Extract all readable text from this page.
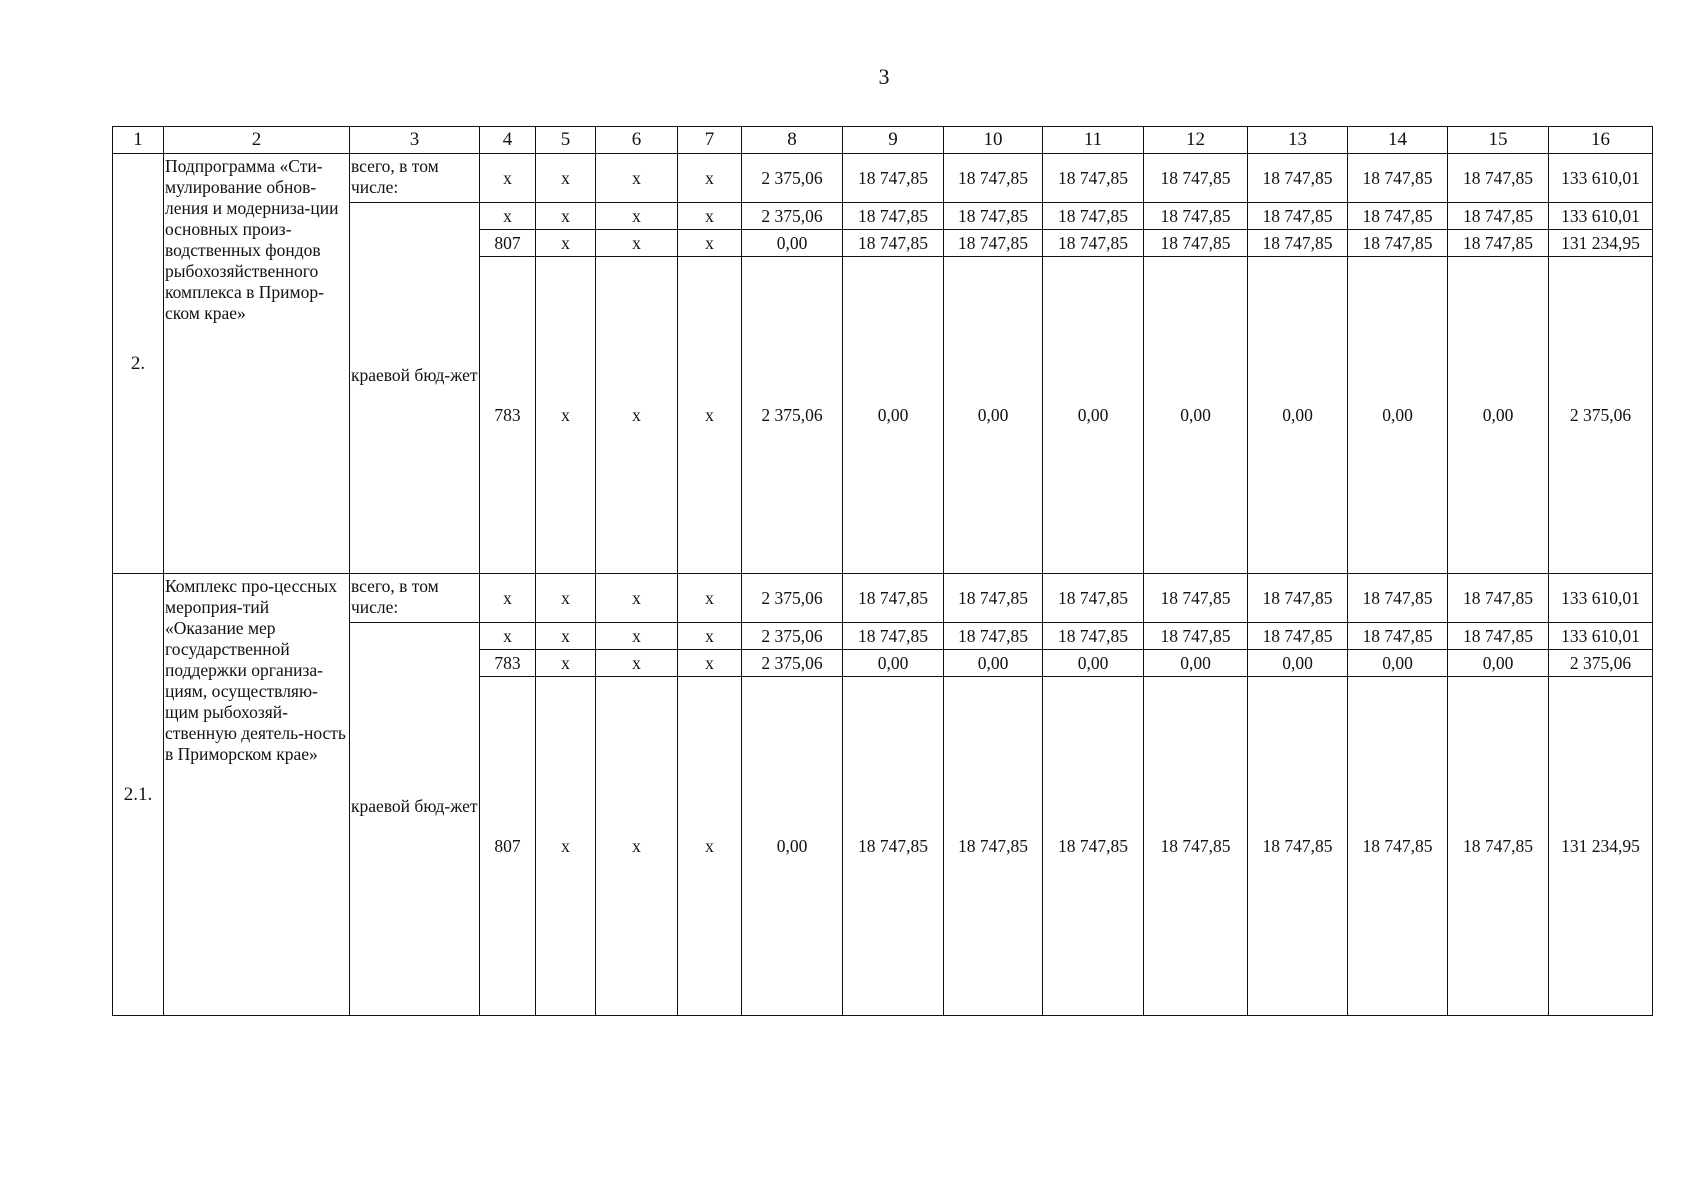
3
1	2	3	4	5	6	7	8	9	10	11	12	13	14	15	16
2.	Подпрограмма «Сти-мулирование обнов-ления и модерниза-ции основных произ-водственных фондов рыбохозяйственного комплекса в Примор-ском крае»	всего, в том числе:	x	x	x	x	2 375,06	18 747,85	18 747,85	18 747,85	18 747,85	18 747,85	18 747,85	18 747,85	133 610,01

		краевой бюд-жет	x	x	x	x	2 375,06	18 747,85	18 747,85	18 747,85	18 747,85	18 747,85	18 747,85	18 747,85	133 610,01
			807	x	x	x	0,00	18 747,85	18 747,85	18 747,85	18 747,85	18 747,85	18 747,85	18 747,85	131 234,95
			783	x	x	x	2 375,06	0,00	0,00	0,00	0,00	0,00	0,00	0,00	2 375,06
2.1.	Комплекс про-цессных мероприя-тий «Оказание мер государственной поддержки организа-циям, осуществляю-щим рыбохозяй-ственную деятель-ность в Приморском крае»	всего, в том числе:	x	x	x	x	2 375,06	18 747,85	18 747,85	18 747,85	18 747,85	18 747,85	18 747,85	18 747,85	133 610,01

		краевой бюд-жет	x	x	x	x	2 375,06	18 747,85	18 747,85	18 747,85	18 747,85	18 747,85	18 747,85	18 747,85	133 610,01
			783	x	x	x	2 375,06	0,00	0,00	0,00	0,00	0,00	0,00	0,00	2 375,06
			807	x	x	x	0,00	18 747,85	18 747,85	18 747,85	18 747,85	18 747,85	18 747,85	18 747,85	131 234,95
